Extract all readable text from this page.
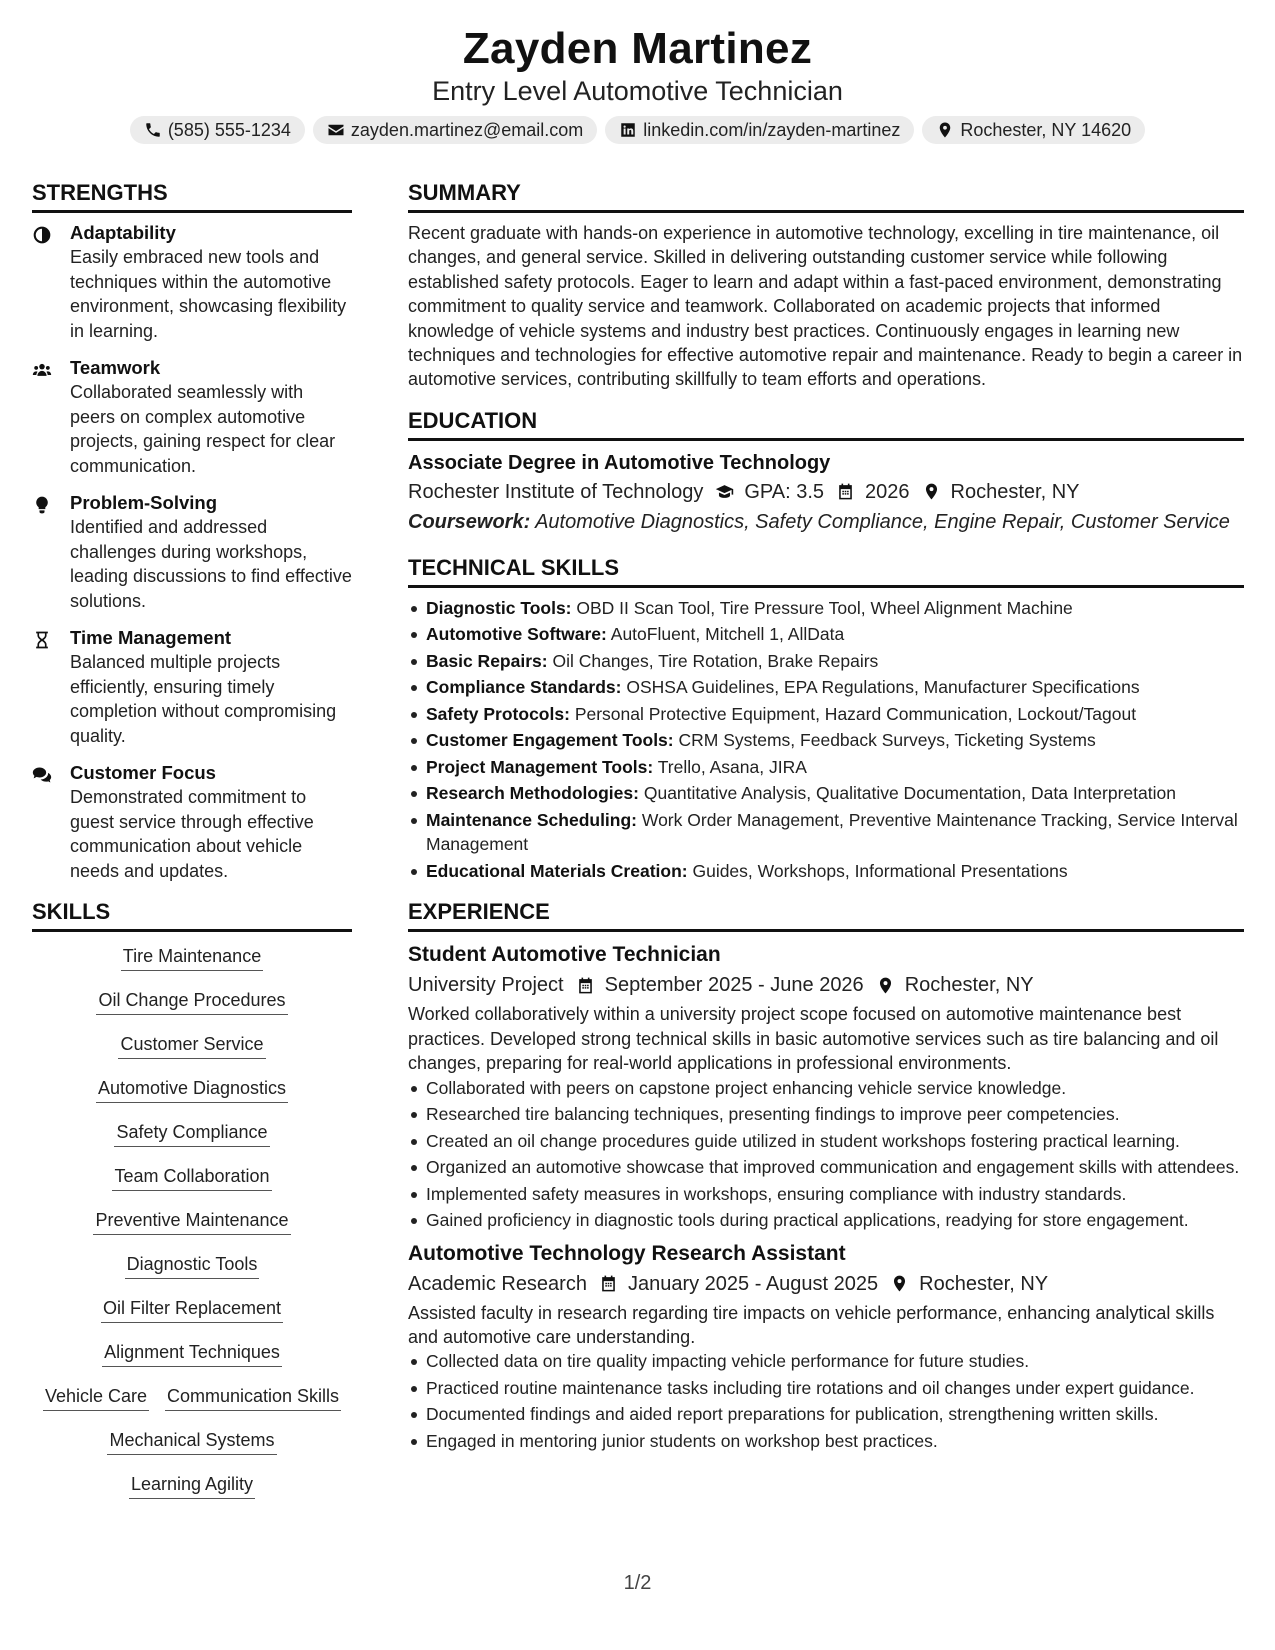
Zayden Martinez
Entry Level Automotive Technician
(585) 555-1234	zayden.martinez@email.com	linkedin.com/in/zayden-martinez	Rochester, NY 14620
STRENGTHS
Adaptability
Easily embraced new tools and techniques within the automotive environment, showcasing flexibility in learning.
Teamwork
Collaborated seamlessly with peers on complex automotive projects, gaining respect for clear communication.
Problem-Solving
Identified and addressed challenges during workshops, leading discussions to find effective solutions.
Time Management
Balanced multiple projects efficiently, ensuring timely completion without compromising quality.
Customer Focus
Demonstrated commitment to guest service through effective communication about vehicle needs and updates.
SKILLS
Tire Maintenance
Oil Change Procedures
Customer Service
Automotive Diagnostics
Safety Compliance
Team Collaboration
Preventive Maintenance
Diagnostic Tools
Oil Filter Replacement
Alignment Techniques
Vehicle Care Communication Skills
Mechanical Systems
Learning Agility
SUMMARY
Recent graduate with hands-on experience in automotive technology, excelling in tire maintenance, oil changes, and general service. Skilled in delivering outstanding customer service while following established safety protocols. Eager to learn and adapt within a fast-paced environment, demonstrating commitment to quality service and teamwork. Collaborated on academic projects that informed knowledge of vehicle systems and industry best practices. Continuously engages in learning new techniques and technologies for effective automotive repair and maintenance. Ready to begin a career in automotive services, contributing skillfully to team efforts and operations.
EDUCATION
Associate Degree in Automotive Technology
Rochester Institute of Technology GPA: 3.5 2026 Rochester, NY
Coursework: Automotive Diagnostics, Safety Compliance, Engine Repair, Customer Service
TECHNICAL SKILLS
Diagnostic Tools: OBD II Scan Tool, Tire Pressure Tool, Wheel Alignment Machine
Automotive Software: AutoFluent, Mitchell 1, AllData
Basic Repairs: Oil Changes, Tire Rotation, Brake Repairs
Compliance Standards: OSHSA Guidelines, EPA Regulations, Manufacturer Specifications
Safety Protocols: Personal Protective Equipment, Hazard Communication, Lockout/Tagout
Customer Engagement Tools: CRM Systems, Feedback Surveys, Ticketing Systems
Project Management Tools: Trello, Asana, JIRA
Research Methodologies: Quantitative Analysis, Qualitative Documentation, Data Interpretation
Maintenance Scheduling: Work Order Management, Preventive Maintenance Tracking, Service Interval Management
Educational Materials Creation: Guides, Workshops, Informational Presentations
EXPERIENCE
Student Automotive Technician
University Project September 2025 - June 2026 Rochester, NY
Worked collaboratively within a university project scope focused on automotive maintenance best practices. Developed strong technical skills in basic automotive services such as tire balancing and oil changes, preparing for real-world applications in professional environments.
Collaborated with peers on capstone project enhancing vehicle service knowledge.
Researched tire balancing techniques, presenting findings to improve peer competencies.
Created an oil change procedures guide utilized in student workshops fostering practical learning.
Organized an automotive showcase that improved communication and engagement skills with attendees.
Implemented safety measures in workshops, ensuring compliance with industry standards.
Gained proficiency in diagnostic tools during practical applications, readying for store engagement.
Automotive Technology Research Assistant
Academic Research January 2025 - August 2025 Rochester, NY
Assisted faculty in research regarding tire impacts on vehicle performance, enhancing analytical skills and automotive care understanding.
Collected data on tire quality impacting vehicle performance for future studies.
Practiced routine maintenance tasks including tire rotations and oil changes under expert guidance.
Documented findings and aided report preparations for publication, strengthening written skills.
Engaged in mentoring junior students on workshop best practices.
1/2
